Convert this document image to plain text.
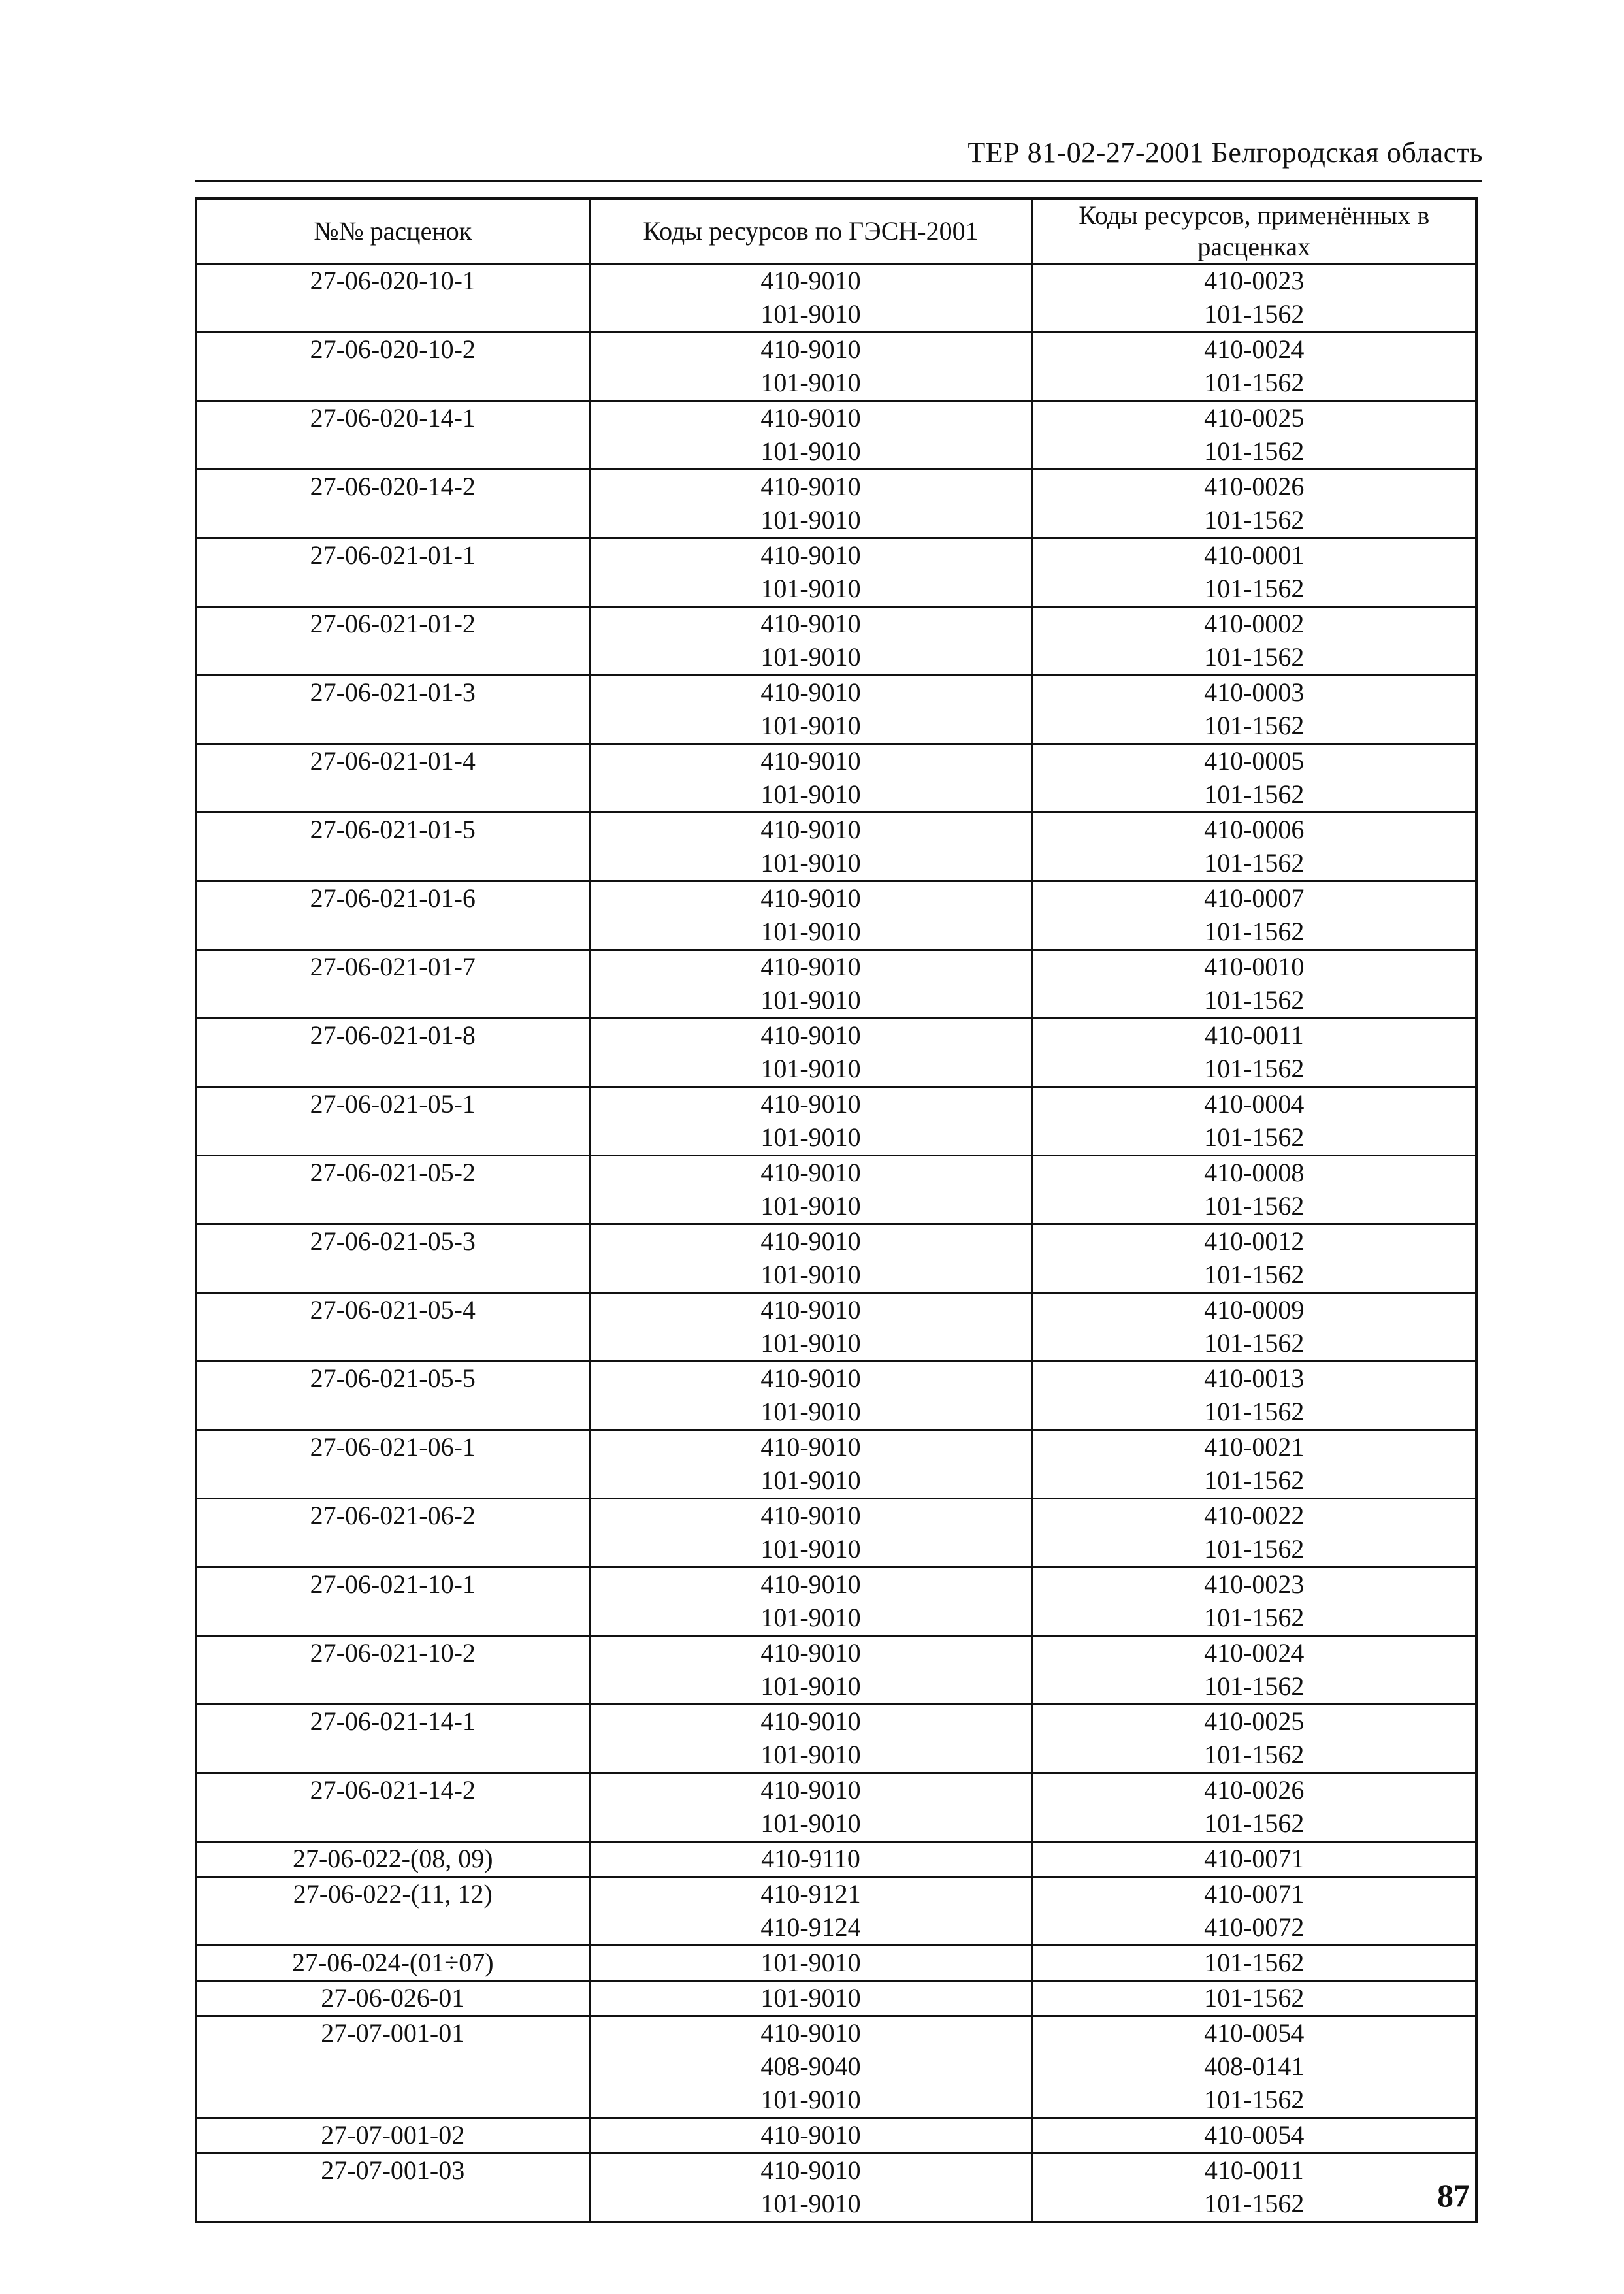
ТЕР 81-02-27-2001 Белгородская область
№№ расценок	Коды ресурсов по ГЭСН-2001	Коды ресурсов, применённых в расценках
27-06-020-10-1	410-9010	410-0023
	101-9010	101-1562
27-06-020-10-2	410-9010	410-0024
	101-9010	101-1562
27-06-020-14-1	410-9010	410-0025
	101-9010	101-1562
27-06-020-14-2	410-9010	410-0026
	101-9010	101-1562
27-06-021-01-1	410-9010	410-0001
	101-9010	101-1562
27-06-021-01-2	410-9010	410-0002
	101-9010	101-1562
27-06-021-01-3	410-9010	410-0003
	101-9010	101-1562
27-06-021-01-4	410-9010	410-0005
	101-9010	101-1562
27-06-021-01-5	410-9010	410-0006
	101-9010	101-1562
27-06-021-01-6	410-9010	410-0007
	101-9010	101-1562
27-06-021-01-7	410-9010	410-0010
	101-9010	101-1562
27-06-021-01-8	410-9010	410-0011
	101-9010	101-1562
27-06-021-05-1	410-9010	410-0004
	101-9010	101-1562
27-06-021-05-2	410-9010	410-0008
	101-9010	101-1562
27-06-021-05-3	410-9010	410-0012
	101-9010	101-1562
27-06-021-05-4	410-9010	410-0009
	101-9010	101-1562
27-06-021-05-5	410-9010	410-0013
	101-9010	101-1562
27-06-021-06-1	410-9010	410-0021
	101-9010	101-1562
27-06-021-06-2	410-9010	410-0022
	101-9010	101-1562
27-06-021-10-1	410-9010	410-0023
	101-9010	101-1562
27-06-021-10-2	410-9010	410-0024
	101-9010	101-1562
27-06-021-14-1	410-9010	410-0025
	101-9010	101-1562
27-06-021-14-2	410-9010	410-0026
	101-9010	101-1562
27-06-022-(08, 09)	410-9110	410-0071
27-06-022-(11, 12)	410-9121	410-0071
	410-9124	410-0072
27-06-024-(01÷07)	101-9010	101-1562
27-06-026-01	101-9010	101-1562
27-07-001-01	410-9010	410-0054
	408-9040	408-0141
	101-9010	101-1562
27-07-001-02	410-9010	410-0054
27-07-001-03	410-9010	410-0011
	101-9010	101-1562	87
